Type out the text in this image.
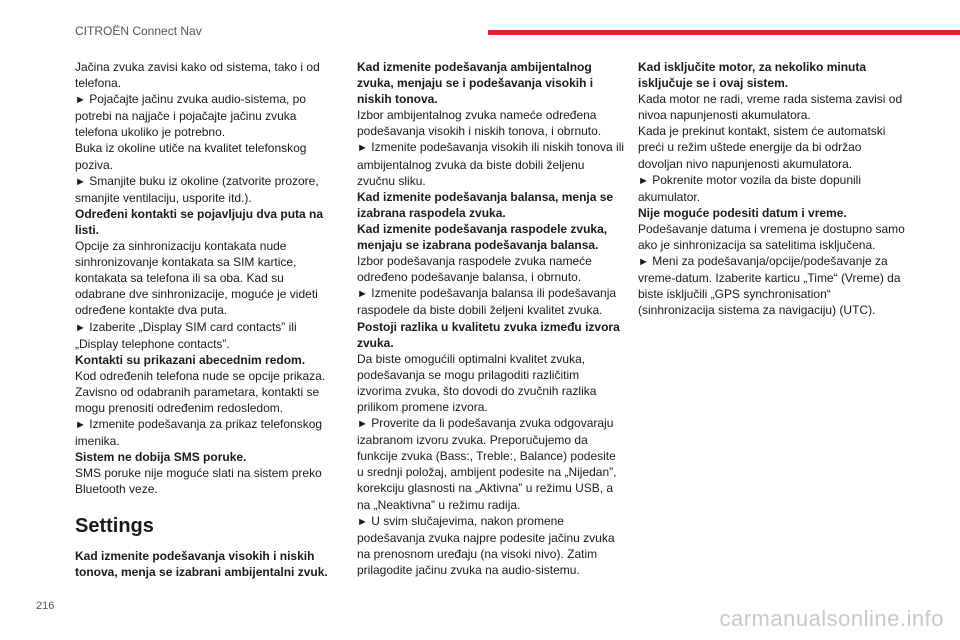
CITROËN Connect Nav

Jačina zvuka zavisi kako od sistema, tako i od telefona.

► Pojačajte jačinu zvuka audio-sistema, po potrebi na najjače i pojačajte jačinu zvuka telefona ukoliko je potrebno.

Buka iz okoline utiče na kvalitet telefonskog poziva.

► Smanjite buku iz okoline (zatvorite prozore, smanjite ventilaciju, usporite itd.).

Određeni kontakti se pojavljuju dva puta na listi.

Opcije za sinhronizaciju kontakata nude sinhronizovanje kontakata sa SIM kartice, kontakata sa telefona ili sa oba. Kad su odabrane dve sinhronizacije, moguće je videti određene kontakte dva puta.

► Izaberite „Display SIM card contacts” ili „Display telephone contacts”.

Kontakti su prikazani abecednim redom.

Kod određenih telefona nude se opcije prikaza. Zavisno od odabranih parametara, kontakti se mogu prenositi određenim redosledom.

► Izmenite podešavanja za prikaz telefonskog imenika.

Sistem ne dobija SMS poruke.

SMS poruke nije moguće slati na sistem preko Bluetooth veze.

Settings

Kad izmenite podešavanja visokih i niskih tonova, menja se izabrani ambijentalni zvuk.

Kad izmenite podešavanja ambijentalnog zvuka, menjaju se i podešavanja visokih i niskih tonova.

Izbor ambijentalnog zvuka nameće određena podešavanja visokih i niskih tonova, i obrnuto.

► Izmenite podešavanja visokih ili niskih tonova ili ambijentalnog zvuka da biste dobili željenu zvučnu sliku.

Kad izmenite podešavanja balansa, menja se izabrana raspodela zvuka.

Kad izmenite podešavanja raspodele zvuka, menjaju se izabrana podešavanja balansa.

Izbor podešavanja raspodele zvuka nameće određeno podešavanje balansa, i obrnuto.

► Izmenite podešavanja balansa ili podešavanja raspodele da biste dobili željeni kvalitet zvuka.

Postoji razlika u kvalitetu zvuka između izvora zvuka.

Da biste omogućili optimalni kvalitet zvuka, podešavanja se mogu prilagoditi različitim izvorima zvuka, što dovodi do zvučnih razlika prilikom promene izvora.

► Proverite da li podešavanja zvuka odgovaraju izabranom izvoru zvuka. Preporučujemo da funkcije zvuka (Bass:, Treble:, Balance) podesite u srednji položaj, ambijent podesite na „Nijedan”, korekciju glasnosti na „Aktivna” u režimu USB, a na „Neaktivna” u režimu radija.

► U svim slučajevima, nakon promene podešavanja zvuka najpre podesite jačinu zvuka na prenosnom uređaju (na visoki nivo). Zatim prilagodite jačinu zvuka na audio-sistemu.

Kad isključite motor, za nekoliko minuta isključuje se i ovaj sistem.

Kada motor ne radi, vreme rada sistema zavisi od nivoa napunjenosti akumulatora.

Kada je prekinut kontakt, sistem će automatski preći u režim uštede energije da bi održao dovoljan nivo napunjenosti akumulatora.

► Pokrenite motor vozila da biste dopunili akumulator.

Nije moguće podesiti datum i vreme.

Podešavanje datuma i vremena je dostupno samo ako je sinhronizacija sa satelitima isključena.

► Meni za podešavanja/opcije/podešavanje za vreme-datum. Izaberite karticu „Time“ (Vreme) da biste isključili „GPS synchronisation“ (sinhronizacija sistema za navigaciju) (UTC).

216	carmanualsonline.info
